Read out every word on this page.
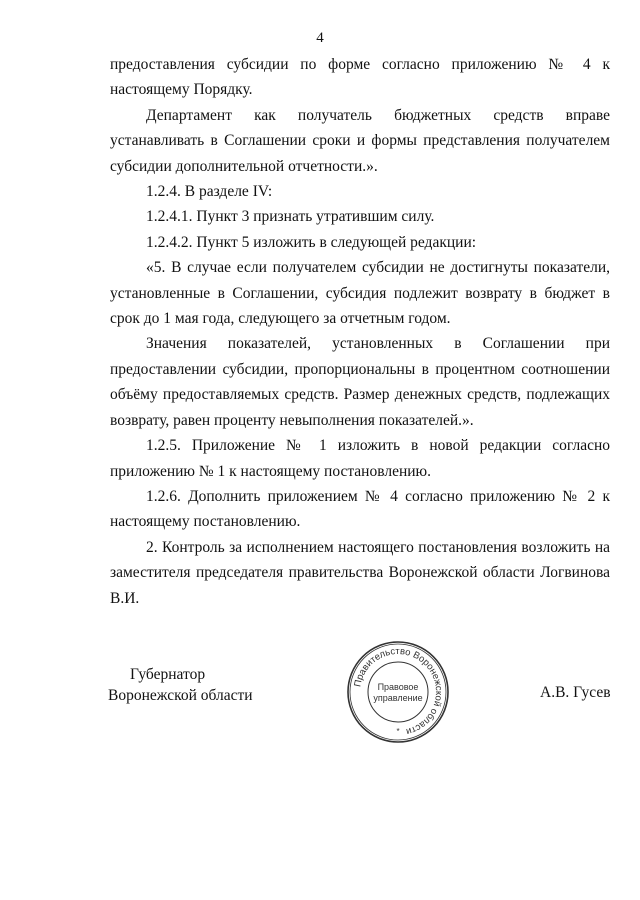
4

предоставления субсидии по форме согласно приложению № 4 к настоящему Порядку.

Департамент как получатель бюджетных средств вправе устанавливать в Соглашении сроки и формы представления получателем субсидии дополнительной отчетности.».

1.2.4. В разделе IV:

1.2.4.1. Пункт 3 признать утратившим силу.

1.2.4.2. Пункт 5 изложить в следующей редакции:

«5. В случае если получателем субсидии не достигнуты показатели, установленные в Соглашении, субсидия подлежит возврату в бюджет в срок до 1 мая года, следующего за отчетным годом.

Значения показателей, установленных в Соглашении при предоставлении субсидии, пропорциональны в процентном соотношении объёму предоставляемых средств. Размер денежных средств, подлежащих возврату, равен проценту невыполнения показателей.».

1.2.5. Приложение № 1 изложить в новой редакции согласно приложению № 1 к настоящему постановлению.

1.2.6. Дополнить приложением № 4 согласно приложению № 2 к настоящему постановлению.

2. Контроль за исполнением настоящего постановления возложить на заместителя председателя правительства Воронежской области Логвинова В.И.

Губернатор
Воронежской области
Правительство Воронежской области
Правовое
управление
*
А.В. Гусев
